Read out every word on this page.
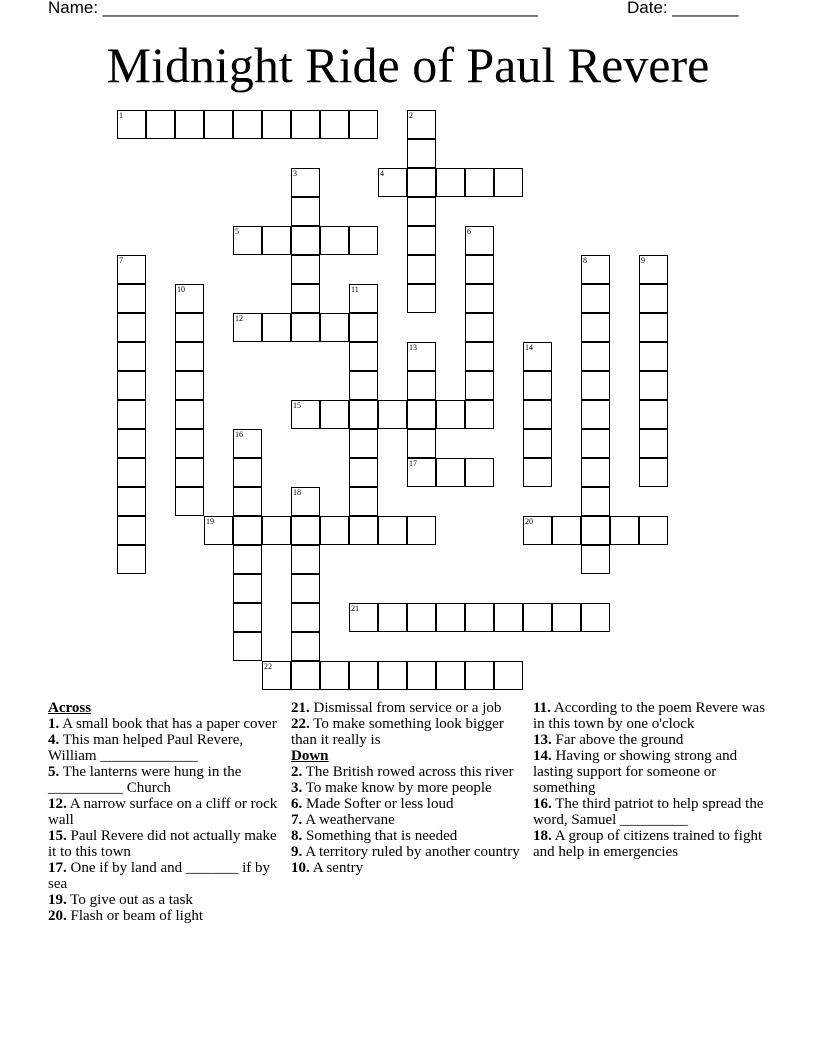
Name: ______________________________________________	Date: _______
Midnight Ride of Paul Revere
1	2
3	4
5	6
7	8	9
10	11
12
13
17
14
15
16
18
19	20
21
22
Across

1. A small book that has a paper cover

4. This man helped Paul Revere, William _____________

5. The lanterns were hung in the __________ Church

12. A narrow surface on a cliff or rock wall

15. Paul Revere did not actually make it to this town

17. One if by land and _______ if by sea

19. To give out as a task

20. Flash or beam of light

21. Dismissal from service or a job

22. To make something look bigger than it really is

Down

2. The British rowed across this river

3. To make know by more people

6. Made Softer or less loud

7. A weathervane

8. Something that is needed

9. A territory ruled by another country

10. A sentry

11. According to the poem Revere was in this town by one o'clock

13. Far above the ground

14. Having or showing strong and lasting support for someone or something

16. The third patriot to help spread the word, Samuel _________

18. A group of citizens trained to fight and help in emergencies
